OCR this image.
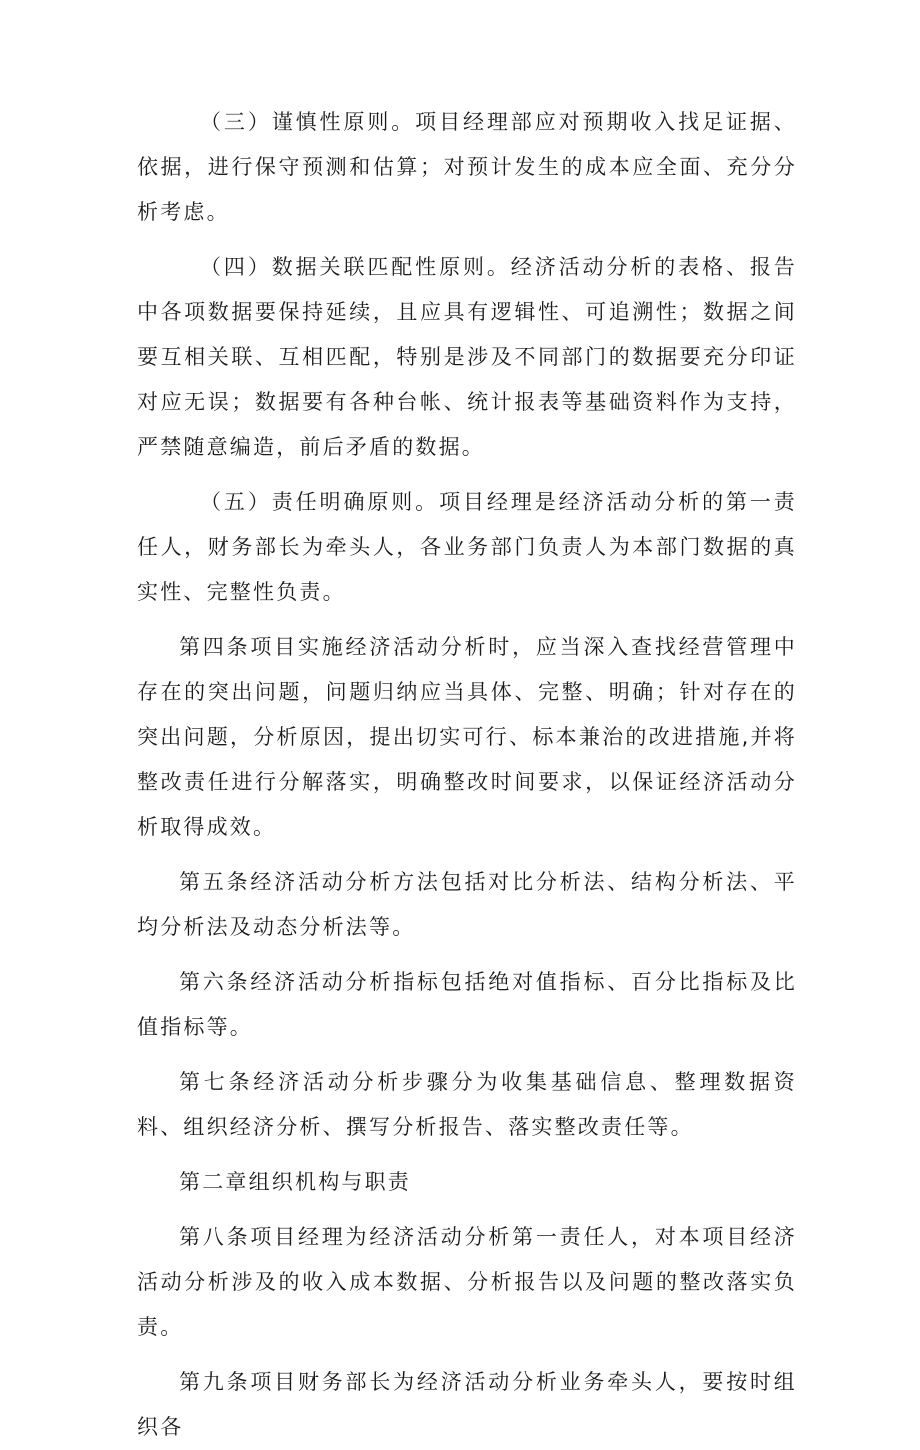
（三）谨慎性原则。项目经理部应对预期收入找足证据、依据，进行保守预测和估算；对预计发生的成本应全面、充分分析考虑。

（四）数据关联匹配性原则。经济活动分析的表格、报告中各项数据要保持延续，且应具有逻辑性、可追溯性；数据之间要互相关联、互相匹配，特别是涉及不同部门的数据要充分印证对应无误；数据要有各种台帐、统计报表等基础资料作为支持，严禁随意编造，前后矛盾的数据。

（五）责任明确原则。项目经理是经济活动分析的第一责任人，财务部长为牵头人，各业务部门负责人为本部门数据的真实性、完整性负责。

第四条项目实施经济活动分析时，应当深入查找经营管理中存在的突出问题，问题归纳应当具体、完整、明确；针对存在的突出问题，分析原因，提出切实可行、标本兼治的改进措施,并将整改责任进行分解落实，明确整改时间要求，以保证经济活动分析取得成效。

第五条经济活动分析方法包括对比分析法、结构分析法、平均分析法及动态分析法等。

第六条经济活动分析指标包括绝对值指标、百分比指标及比值指标等。

第七条经济活动分析步骤分为收集基础信息、整理数据资料、组织经济分析、撰写分析报告、落实整改责任等。

第二章组织机构与职责

第八条项目经理为经济活动分析第一责任人，对本项目经济活动分析涉及的收入成本数据、分析报告以及问题的整改落实负责。

第九条项目财务部长为经济活动分析业务牵头人，要按时组织各
